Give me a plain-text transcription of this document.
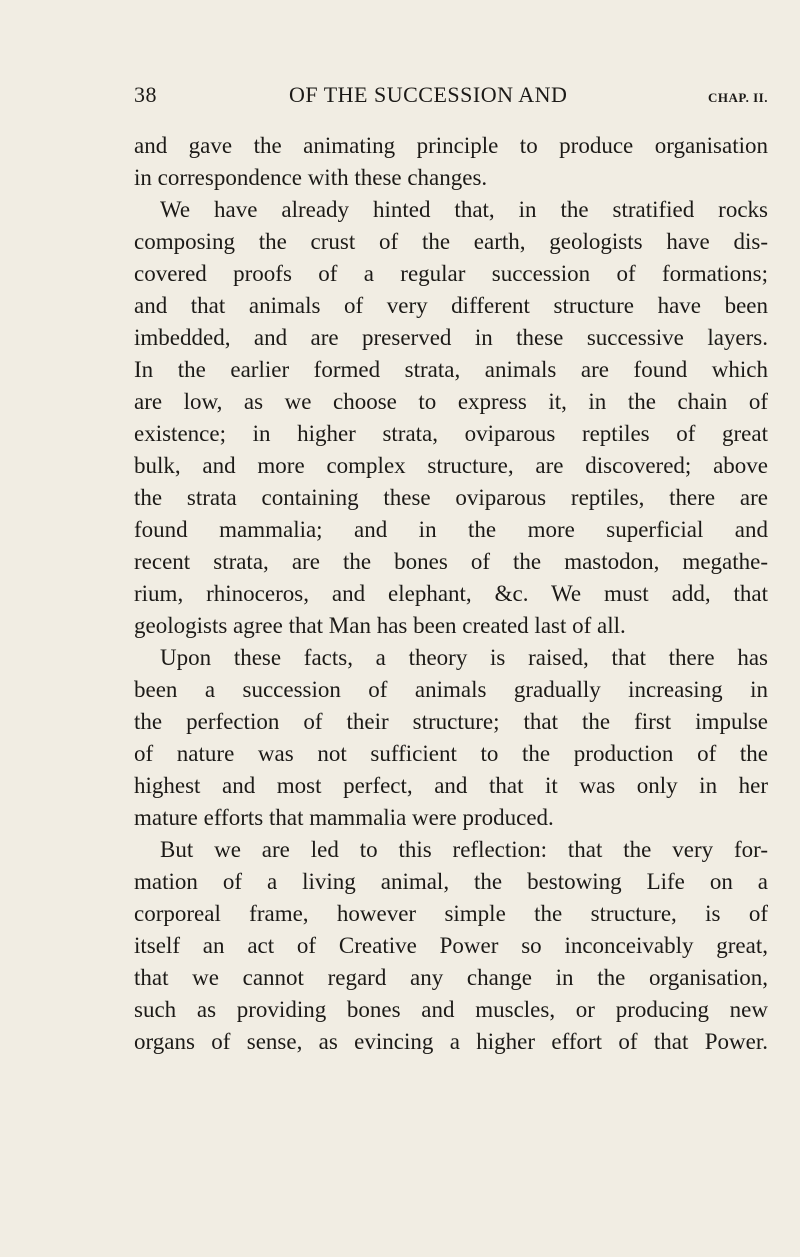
38	OF THE SUCCESSION AND	CHAP. II.
and gave the animating principle to produce organisation
in correspondence with these changes.
We have already hinted that, in the stratified rocks
composing the crust of the earth, geologists have dis-
covered proofs of a regular succession of formations;
and that animals of very different structure have been
imbedded, and are preserved in these successive layers.
In the earlier formed strata, animals are found which
are low, as we choose to express it, in the chain of
existence; in higher strata, oviparous reptiles of great
bulk, and more complex structure, are discovered; above
the strata containing these oviparous reptiles, there are
found mammalia; and in the more superficial and
recent strata, are the bones of the mastodon, megathe-
rium, rhinoceros, and elephant, &c. We must add, that
geologists agree that Man has been created last of all.
Upon these facts, a theory is raised, that there has
been a succession of animals gradually increasing in
the perfection of their structure; that the first impulse
of nature was not sufficient to the production of the
highest and most perfect, and that it was only in her
mature efforts that mammalia were produced.
But we are led to this reflection: that the very for-
mation of a living animal, the bestowing Life on a
corporeal frame, however simple the structure, is of
itself an act of Creative Power so inconceivably great,
that we cannot regard any change in the organisation,
such as providing bones and muscles, or producing new
organs of sense, as evincing a higher effort of that Power.
